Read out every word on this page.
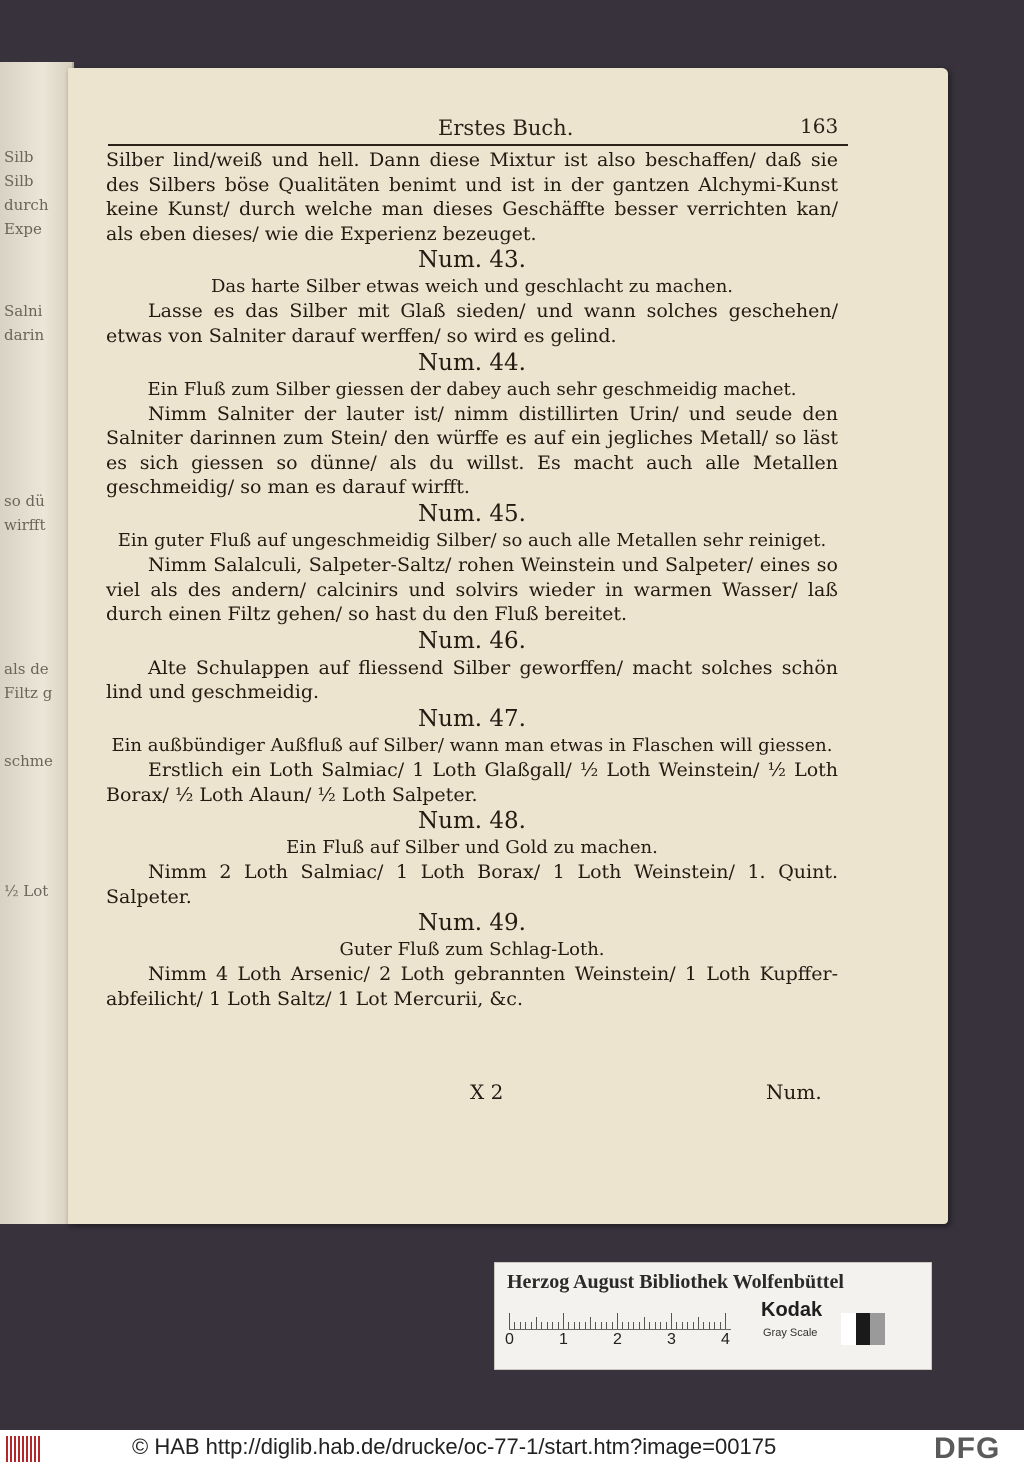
Silb
Silb
durch
Expe
Salni
darin
so dü
wirfft
als de
Filtz g
schme
½ Lot
Erstes Buch.	163

Silber lind/weiß und hell. Dann diese Mixtur ist also beschaffen/ daß sie des Silbers böse Qualitäten benimt und ist in der gantzen Alchymi-Kunst keine Kunst/ durch welche man dieses Geschäffte besser verrichten kan/ als eben dieses/ wie die Experienz bezeuget.

Num. 43.

Das harte Silber etwas weich und geschlacht zu machen.

Lasse es das Silber mit Glaß sieden/ und wann solches geschehen/ etwas von Salniter darauf werffen/ so wird es gelind.

Num. 44.

Ein Fluß zum Silber giessen der dabey auch sehr geschmeidig machet.

Nimm Salniter der lauter ist/ nimm distillirten Urin/ und seude den Salniter darinnen zum Stein/ den würffe es auf ein jegliches Metall/ so läst es sich giessen so dünne/ als du willst. Es macht auch alle Metallen geschmeidig/ so man es darauf wirfft.

Num. 45.

Ein guter Fluß auf ungeschmeidig Silber/ so auch alle Metallen sehr reiniget.

Nimm Salalculi, Salpeter-Saltz/ rohen Weinstein und Salpeter/ eines so viel als des andern/ calcinirs und solvirs wieder in warmen Wasser/ laß durch einen Filtz gehen/ so hast du den Fluß bereitet.

Num. 46.

Alte Schulappen auf fliessend Silber geworffen/ macht solches schön lind und geschmeidig.

Num. 47.

Ein außbündiger Außfluß auf Silber/ wann man etwas in Flaschen will giessen.

Erstlich ein Loth Salmiac/ 1 Loth Glaßgall/ ½ Loth Weinstein/ ½ Loth Borax/ ½ Loth Alaun/ ½ Loth Salpeter.

Num. 48.

Ein Fluß auf Silber und Gold zu machen.

Nimm 2 Loth Salmiac/ 1 Loth Borax/ 1 Loth Weinstein/ 1. Quint. Salpeter.

Num. 49.

Guter Fluß zum Schlag-Loth.

Nimm 4 Loth Arsenic/ 2 Loth gebrannten Weinstein/ 1 Loth Kupffer-abfeilicht/ 1 Loth Saltz/ 1 Lot Mercurii, &c.

X 2	Num.
Herzog August Bibliothek Wolfenbüttel
0	1	2	3	4
Kodak
Gray Scale
© HAB http://diglib.hab.de/drucke/oc-77-1/start.htm?image=00175	DFG
